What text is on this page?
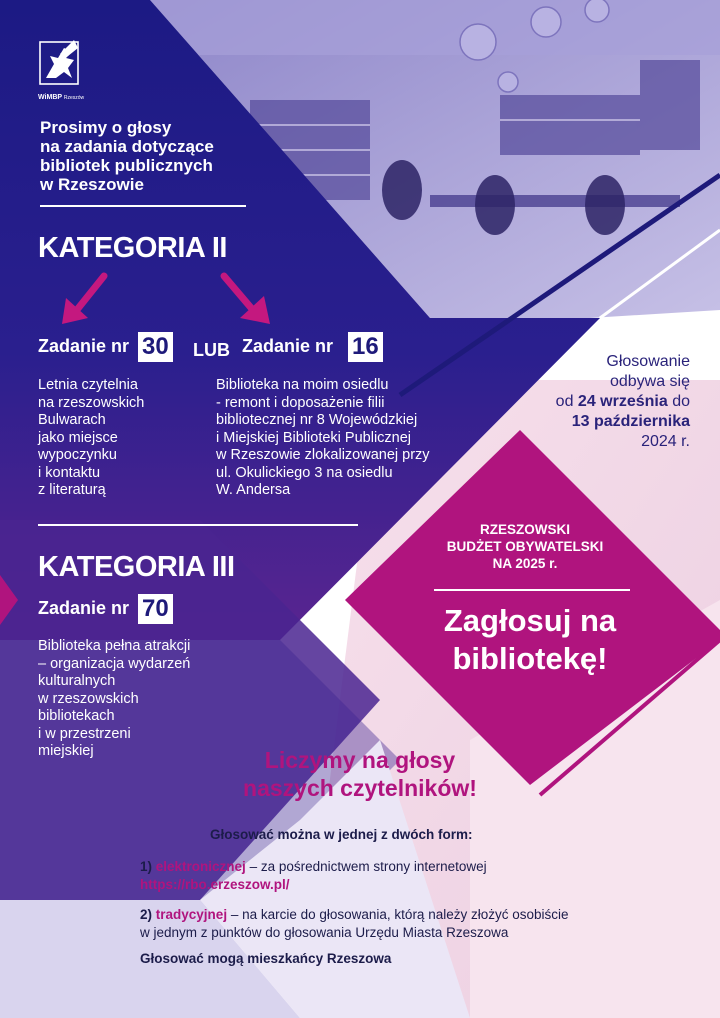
WiMBP Rzeszów
Prosimy o głosy
na zadania dotyczące
bibliotek publicznych
w Rzeszowie
KATEGORIA II
Zadanie nr 30 LUB Zadanie nr 16
Letnia czytelnia
na rzeszowskich
Bulwarach
jako miejsce
wypoczynku
i kontaktu
z literaturą
Biblioteka na moim osiedlu
- remont i doposażenie filii
bibliotecznej nr 8 Wojewódzkiej
i Miejskiej Biblioteki Publicznej
w Rzeszowie zlokalizowanej przy
ul. Okulickiego 3 na osiedlu
W. Andersa
KATEGORIA III
Zadanie nr 70
Biblioteka pełna atrakcji
– organizacja wydarzeń
kulturalnych
w rzeszowskich
bibliotekach
i w przestrzeni
miejskiej
Głosowanie
odbywa się
od 24 września do
13 października
2024 r.
RZESZOWSKI
BUDŻET OBYWATELSKI
NA 2025 r.
Zagłosuj na
bibliotekę!
Liczymy na głosy
naszych czytelników!
Głosować można w jednej z dwóch form:
1) elektronicznej – za pośrednictwem strony internetowej
https://rbo.erzeszow.pl/
2) tradycyjnej – na karcie do głosowania, którą należy złożyć osobiście
w jednym z punktów do głosowania Urzędu Miasta Rzeszowa
Głosować mogą mieszkańcy Rzeszowa
